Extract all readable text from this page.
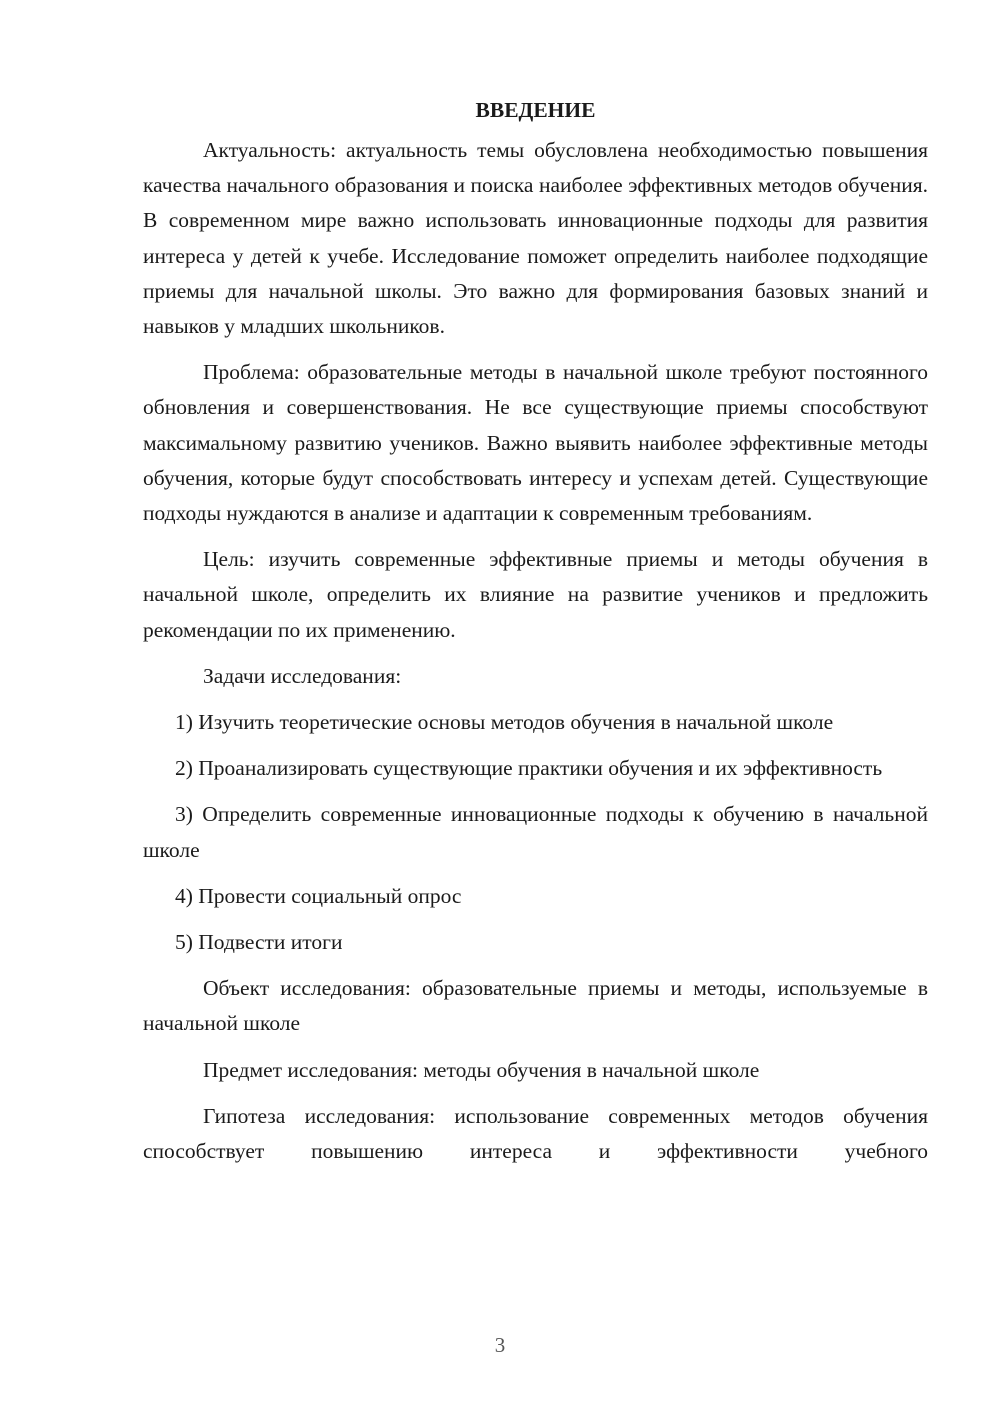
ВВЕДЕНИЕ

Актуальность: актуальность темы обусловлена необходимостью повышения качества начального образования и поиска наиболее эффективных методов обучения. В современном мире важно использовать инновационные подходы для развития интереса у детей к учебе. Исследование поможет определить наиболее подходящие приемы для начальной школы. Это важно для формирования базовых знаний и навыков у младших школьников.

Проблема: образовательные методы в начальной школе требуют постоянного обновления и совершенствования. Не все существующие приемы способствуют максимальному развитию учеников. Важно выявить наиболее эффективные методы обучения, которые будут способствовать интересу и успехам детей. Существующие подходы нуждаются в анализе и адаптации к современным требованиям.

Цель: изучить современные эффективные приемы и методы обучения в начальной школе, определить их влияние на развитие учеников и предложить рекомендации по их применению.

Задачи исследования:

1) Изучить теоретические основы методов обучения в начальной школе

2) Проанализировать существующие практики обучения и их эффективность

3) Определить современные инновационные подходы к обучению в начальной школе

4) Провести социальный опрос

5) Подвести итоги

Объект исследования: образовательные приемы и методы, используемые в начальной школе

Предмет исследования: методы обучения в начальной школе

Гипотеза исследования: использование современных методов обучения способствует повышению интереса и эффективности учебного

3
